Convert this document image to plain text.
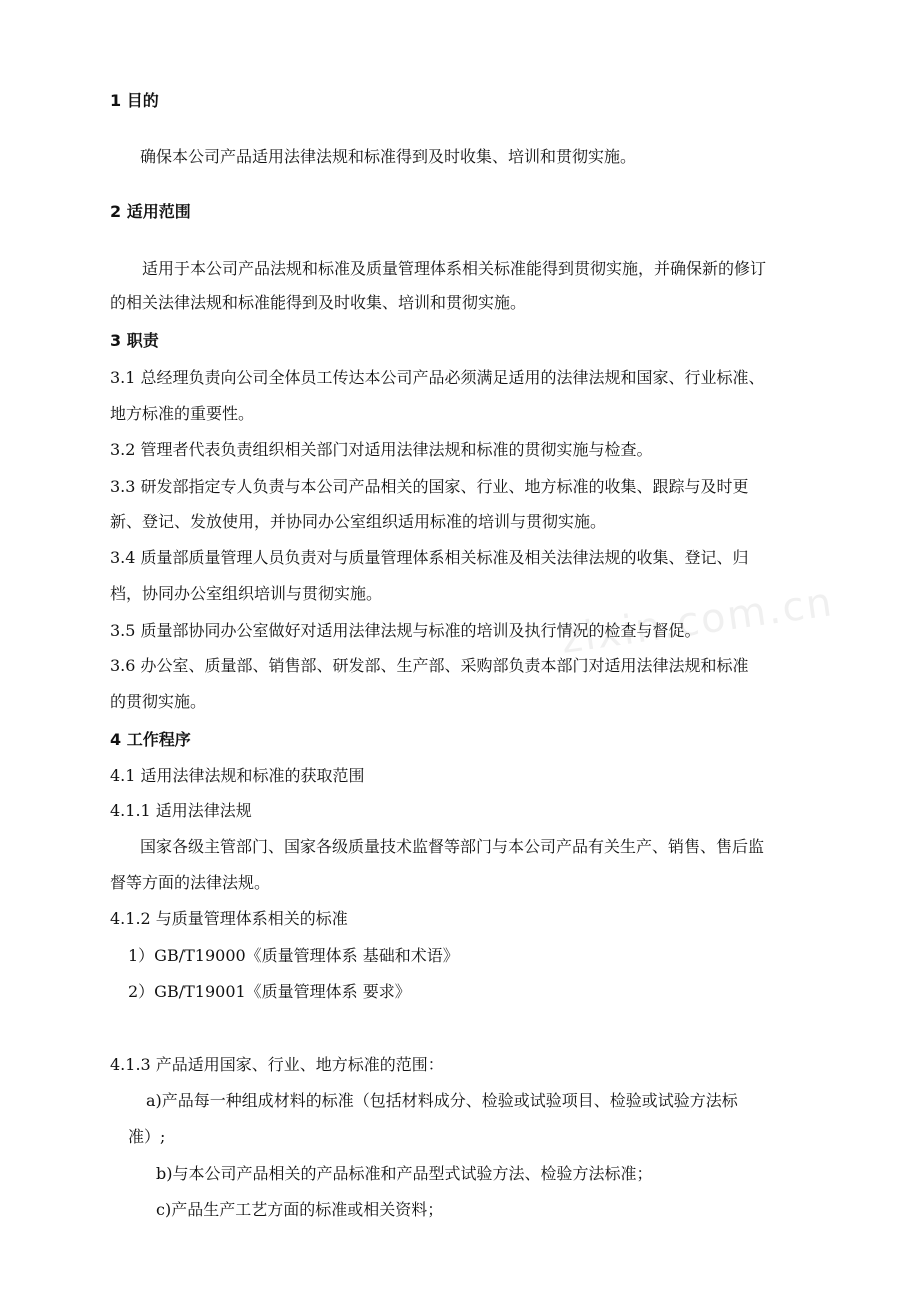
zixin.com.cn
1 目的
确保本公司产品适用法律法规和标准得到及时收集、培训和贯彻实施。
2 适用范围
适用于本公司产品法规和标准及质量管理体系相关标准能得到贯彻实施，并确保新的修订
的相关法律法规和标准能得到及时收集、培训和贯彻实施。
3 职责
3.1 总经理负责向公司全体员工传达本公司产品必须满足适用的法律法规和国家、行业标准、
地方标准的重要性。
3.2 管理者代表负责组织相关部门对适用法律法规和标准的贯彻实施与检查。
3.3 研发部指定专人负责与本公司产品相关的国家、行业、地方标准的收集、跟踪与及时更
新、登记、发放使用，并协同办公室组织适用标准的培训与贯彻实施。
3.4 质量部质量管理人员负责对与质量管理体系相关标准及相关法律法规的收集、登记、归
档，协同办公室组织培训与贯彻实施。
3.5 质量部协同办公室做好对适用法律法规与标准的培训及执行情况的检查与督促。
3.6 办公室、质量部、销售部、研发部、生产部、采购部负责本部门对适用法律法规和标准
的贯彻实施。
4 工作程序
4.1 适用法律法规和标准的获取范围
4.1.1 适用法律法规
国家各级主管部门、国家各级质量技术监督等部门与本公司产品有关生产、销售、售后监
督等方面的法律法规。
4.1.2 与质量管理体系相关的标准
1）GB/T19000《质量管理体系 基础和术语》
2）GB/T19001《质量管理体系 要求》
4.1.3 产品适用国家、行业、地方标准的范围：
a)产品每一种组成材料的标准（包括材料成分、检验或试验项目、检验或试验方法标
准）;
b)与本公司产品相关的产品标准和产品型式试验方法、检验方法标准；
c)产品生产工艺方面的标准或相关资料；
